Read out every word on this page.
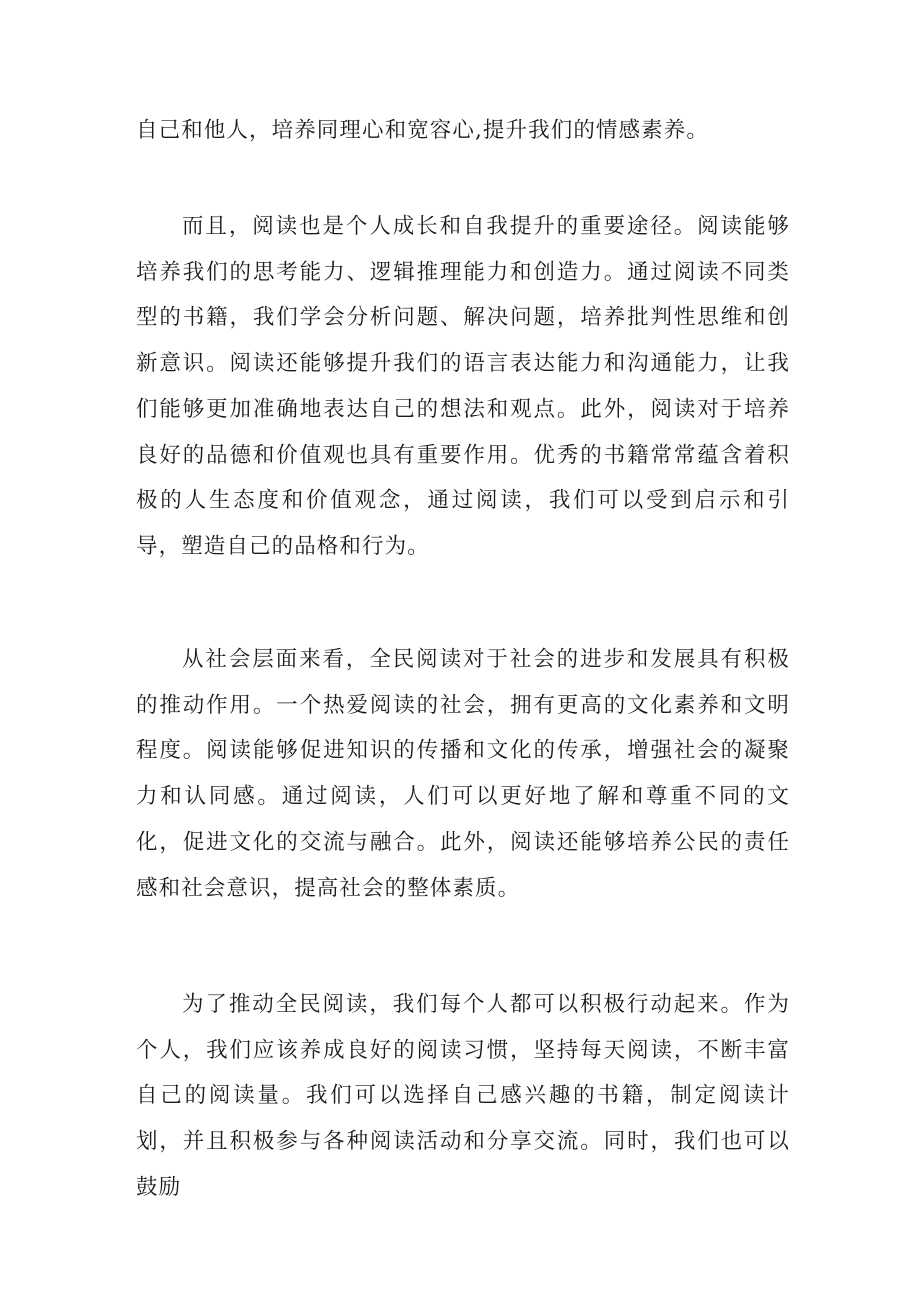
自己和他人，培养同理心和宽容心,提升我们的情感素养。

而且，阅读也是个人成长和自我提升的重要途径。阅读能够培养我们的思考能力、逻辑推理能力和创造力。通过阅读不同类型的书籍，我们学会分析问题、解决问题，培养批判性思维和创新意识。阅读还能够提升我们的语言表达能力和沟通能力，让我们能够更加准确地表达自己的想法和观点。此外，阅读对于培养良好的品德和价值观也具有重要作用。优秀的书籍常常蕴含着积极的人生态度和价值观念，通过阅读，我们可以受到启示和引导，塑造自己的品格和行为。

从社会层面来看，全民阅读对于社会的进步和发展具有积极的推动作用。一个热爱阅读的社会，拥有更高的文化素养和文明程度。阅读能够促进知识的传播和文化的传承，增强社会的凝聚力和认同感。通过阅读，人们可以更好地了解和尊重不同的文化，促进文化的交流与融合。此外，阅读还能够培养公民的责任感和社会意识，提高社会的整体素质。

为了推动全民阅读，我们每个人都可以积极行动起来。作为个人，我们应该养成良好的阅读习惯，坚持每天阅读，不断丰富自己的阅读量。我们可以选择自己感兴趣的书籍，制定阅读计划，并且积极参与各种阅读活动和分享交流。同时，我们也可以鼓励
